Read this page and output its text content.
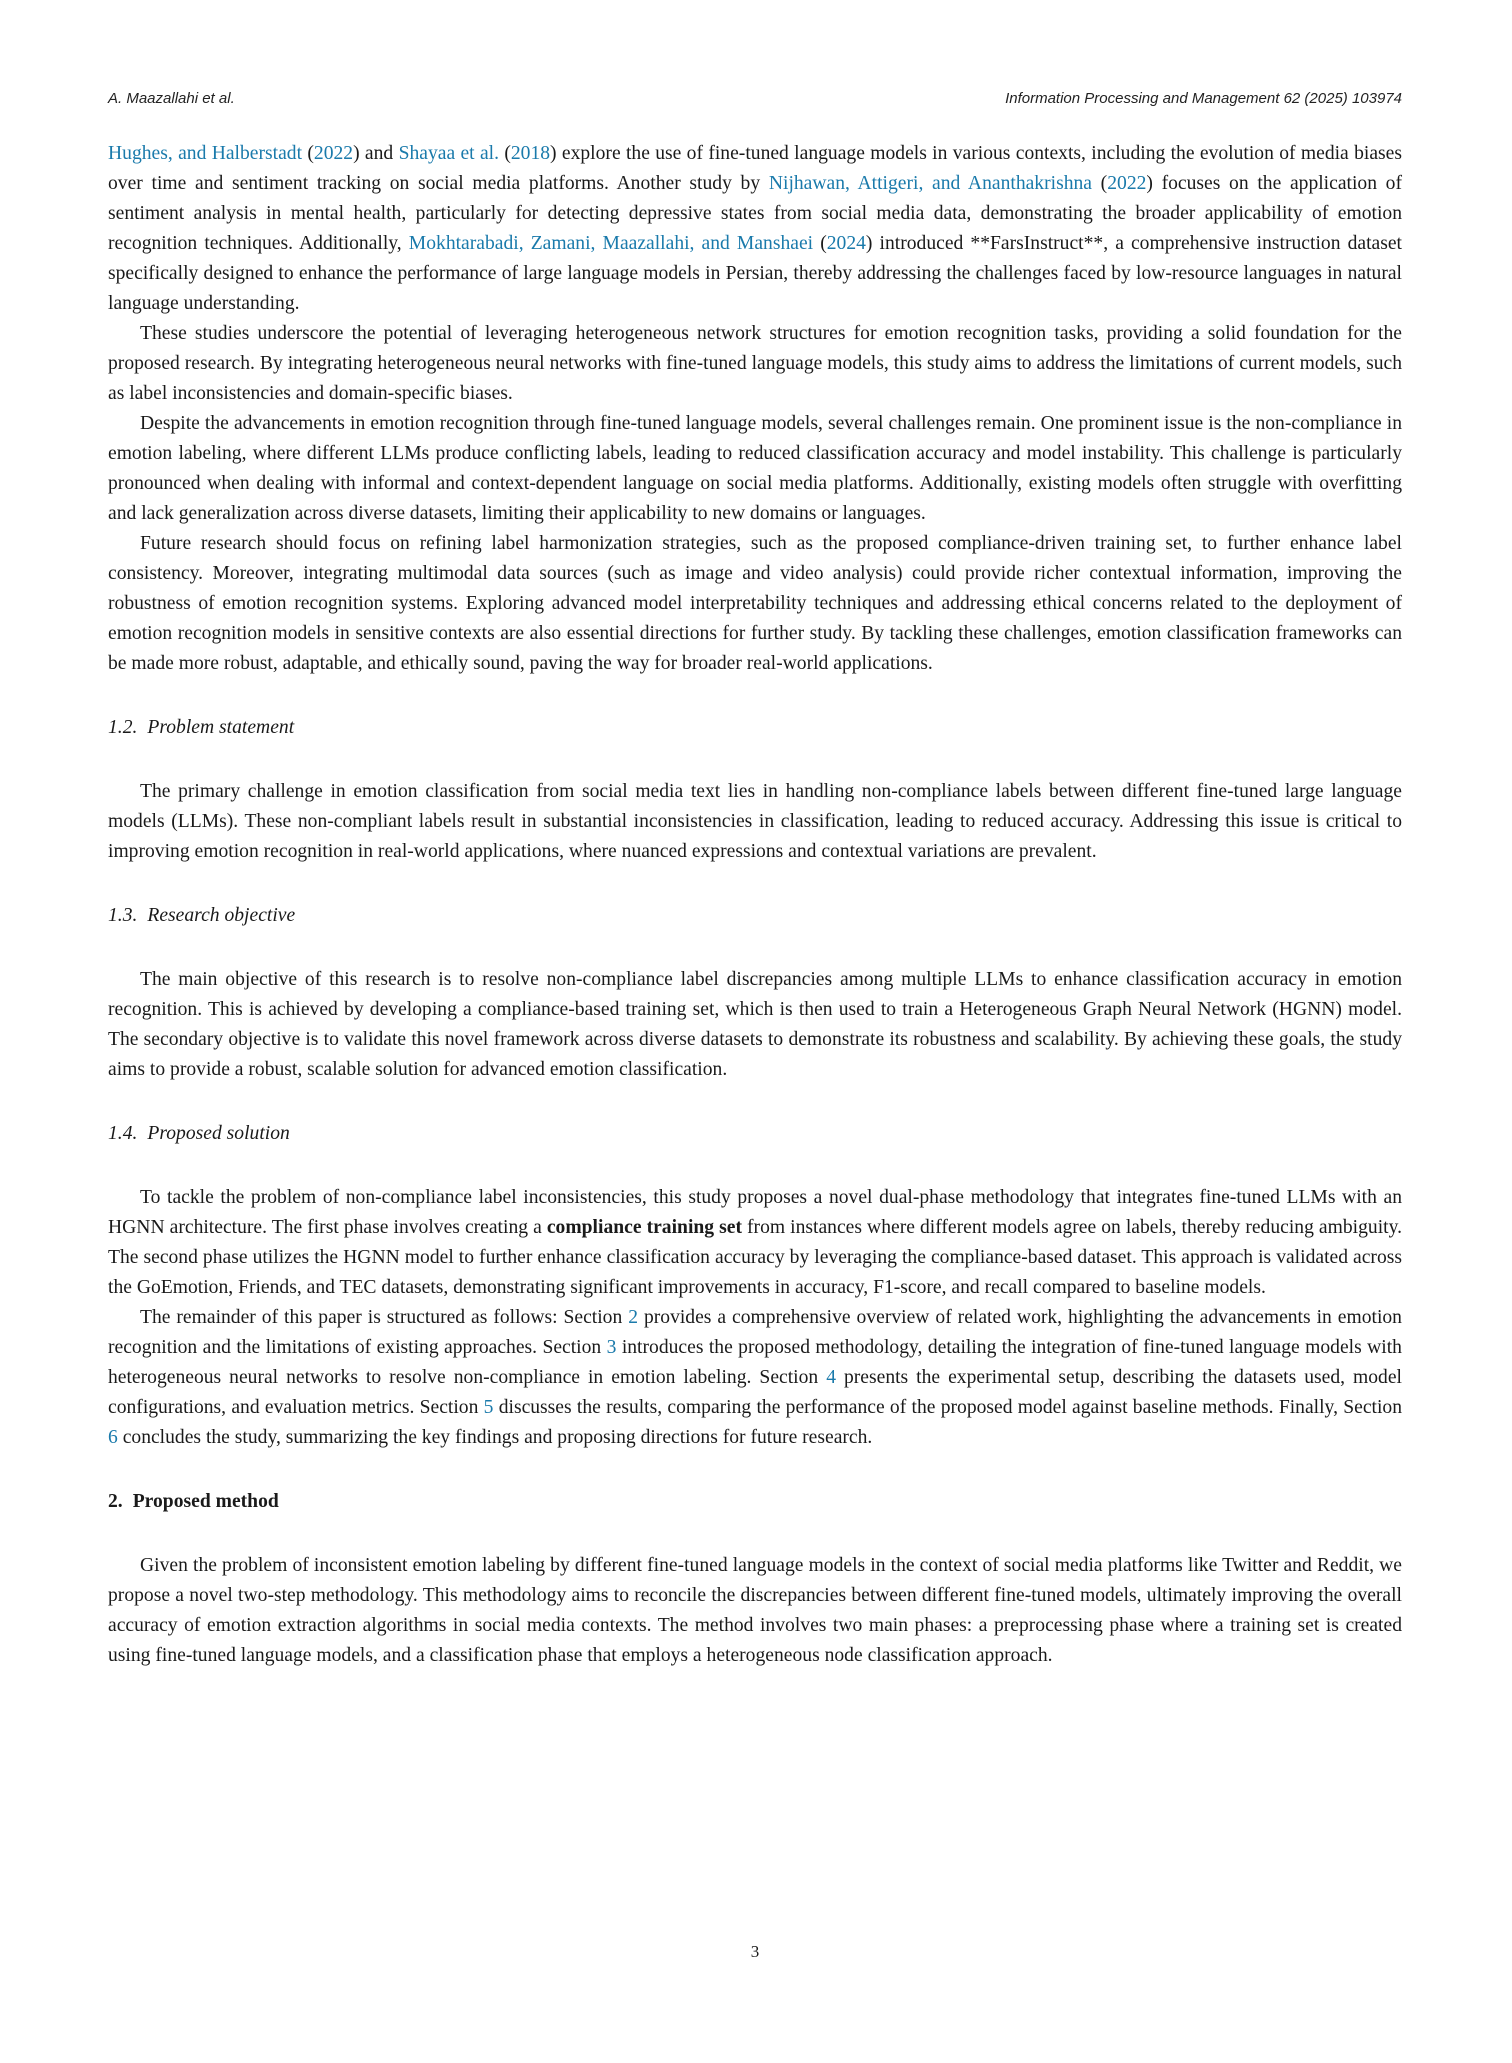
A. Maazallahi et al.	Information Processing and Management 62 (2025) 103974

Hughes, and Halberstadt (2022) and Shayaa et al. (2018) explore the use of fine-tuned language models in various contexts, including the evolution of media biases over time and sentiment tracking on social media platforms. Another study by Nijhawan, Attigeri, and Ananthakrishna (2022) focuses on the application of sentiment analysis in mental health, particularly for detecting depressive states from social media data, demonstrating the broader applicability of emotion recognition techniques. Additionally, Mokhtarabadi, Zamani, Maazallahi, and Manshaei (2024) introduced **FarsInstruct**, a comprehensive instruction dataset specifically designed to enhance the performance of large language models in Persian, thereby addressing the challenges faced by low-resource languages in natural language understanding.

These studies underscore the potential of leveraging heterogeneous network structures for emotion recognition tasks, providing a solid foundation for the proposed research. By integrating heterogeneous neural networks with fine-tuned language models, this study aims to address the limitations of current models, such as label inconsistencies and domain-specific biases.

Despite the advancements in emotion recognition through fine-tuned language models, several challenges remain. One prominent issue is the non-compliance in emotion labeling, where different LLMs produce conflicting labels, leading to reduced classification accuracy and model instability. This challenge is particularly pronounced when dealing with informal and context-dependent language on social media platforms. Additionally, existing models often struggle with overfitting and lack generalization across diverse datasets, limiting their applicability to new domains or languages.

Future research should focus on refining label harmonization strategies, such as the proposed compliance-driven training set, to further enhance label consistency. Moreover, integrating multimodal data sources (such as image and video analysis) could provide richer contextual information, improving the robustness of emotion recognition systems. Exploring advanced model interpretability techniques and addressing ethical concerns related to the deployment of emotion recognition models in sensitive contexts are also essential directions for further study. By tackling these challenges, emotion classification frameworks can be made more robust, adaptable, and ethically sound, paving the way for broader real-world applications.

1.2. Problem statement

The primary challenge in emotion classification from social media text lies in handling non-compliance labels between different fine-tuned large language models (LLMs). These non-compliant labels result in substantial inconsistencies in classification, leading to reduced accuracy. Addressing this issue is critical to improving emotion recognition in real-world applications, where nuanced expressions and contextual variations are prevalent.

1.3. Research objective

The main objective of this research is to resolve non-compliance label discrepancies among multiple LLMs to enhance classification accuracy in emotion recognition. This is achieved by developing a compliance-based training set, which is then used to train a Heterogeneous Graph Neural Network (HGNN) model. The secondary objective is to validate this novel framework across diverse datasets to demonstrate its robustness and scalability. By achieving these goals, the study aims to provide a robust, scalable solution for advanced emotion classification.

1.4. Proposed solution

To tackle the problem of non-compliance label inconsistencies, this study proposes a novel dual-phase methodology that integrates fine-tuned LLMs with an HGNN architecture. The first phase involves creating a compliance training set from instances where different models agree on labels, thereby reducing ambiguity. The second phase utilizes the HGNN model to further enhance classification accuracy by leveraging the compliance-based dataset. This approach is validated across the GoEmotion, Friends, and TEC datasets, demonstrating significant improvements in accuracy, F1-score, and recall compared to baseline models.

The remainder of this paper is structured as follows: Section 2 provides a comprehensive overview of related work, highlighting the advancements in emotion recognition and the limitations of existing approaches. Section 3 introduces the proposed methodology, detailing the integration of fine-tuned language models with heterogeneous neural networks to resolve non-compliance in emotion labeling. Section 4 presents the experimental setup, describing the datasets used, model configurations, and evaluation metrics. Section 5 discusses the results, comparing the performance of the proposed model against baseline methods. Finally, Section 6 concludes the study, summarizing the key findings and proposing directions for future research.

2. Proposed method

Given the problem of inconsistent emotion labeling by different fine-tuned language models in the context of social media platforms like Twitter and Reddit, we propose a novel two-step methodology. This methodology aims to reconcile the discrepancies between different fine-tuned models, ultimately improving the overall accuracy of emotion extraction algorithms in social media contexts. The method involves two main phases: a preprocessing phase where a training set is created using fine-tuned language models, and a classification phase that employs a heterogeneous node classification approach.

3
